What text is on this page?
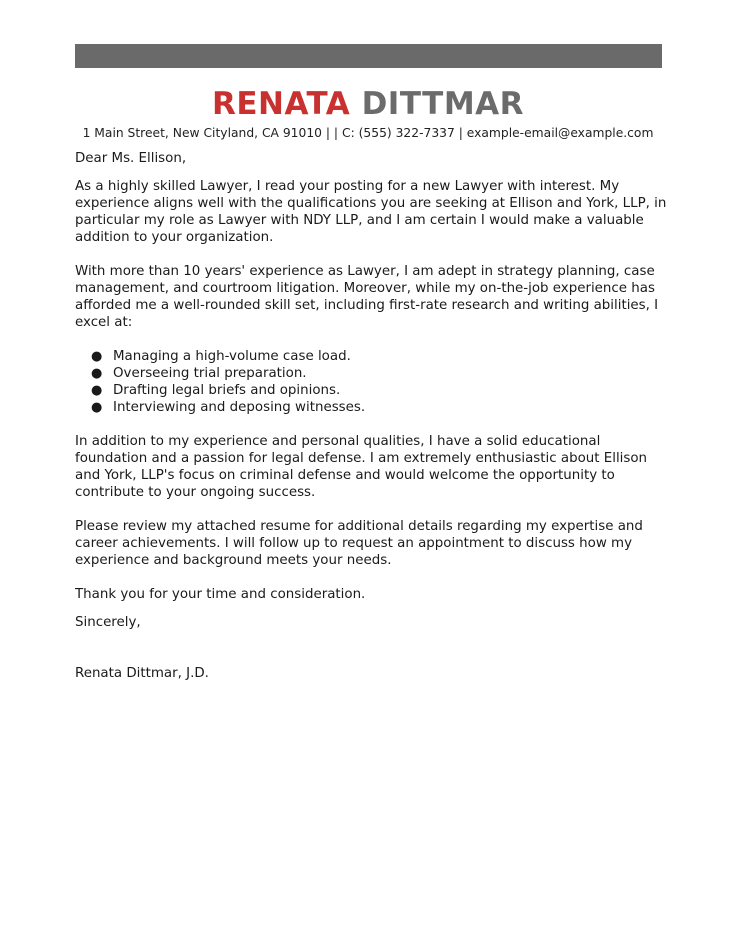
RENATA DITTMAR
1 Main Street, New Cityland, CA 91010 | | C: (555) 322-7337 | example-email@example.com

Dear Ms. Ellison,

As a highly skilled Lawyer, I read your posting for a new Lawyer with interest. My experience aligns well with the qualifications you are seeking at Ellison and York, LLP, in particular my role as Lawyer with NDY LLP, and I am certain I would make a valuable addition to your organization.

With more than 10 years' experience as Lawyer, I am adept in strategy planning, case management, and courtroom litigation. Moreover, while my on-the-job experience has afforded me a well-rounded skill set, including first-rate research and writing abilities, I excel at:

● Managing a high-volume case load.
● Overseeing trial preparation.
● Drafting legal briefs and opinions.
● Interviewing and deposing witnesses.

In addition to my experience and personal qualities, I have a solid educational foundation and a passion for legal defense. I am extremely enthusiastic about Ellison and York, LLP's focus on criminal defense and would welcome the opportunity to contribute to your ongoing success.

Please review my attached resume for additional details regarding my expertise and career achievements. I will follow up to request an appointment to discuss how my experience and background meets your needs.

Thank you for your time and consideration.

Sincerely,

Renata Dittmar, J.D.
